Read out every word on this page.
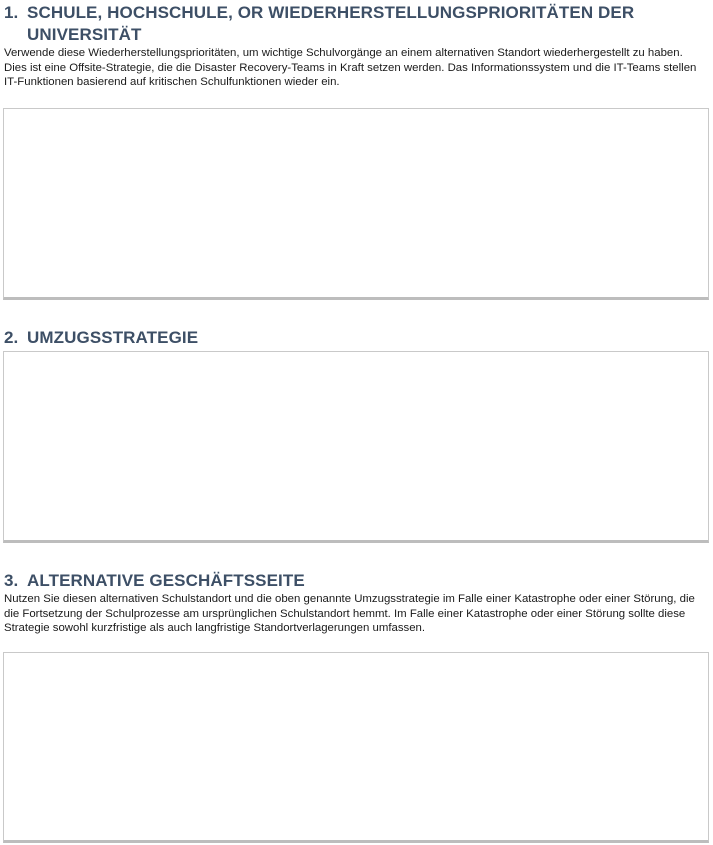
1. SCHULE, HOCHSCHULE, OR WIEDERHERSTELLUNGSPRIORITÄTEN DER UNIVERSITÄT
Verwende diese Wiederherstellungsprioritäten, um wichtige Schulvorgänge an einem alternativen Standort wiederhergestellt zu haben. Dies ist eine Offsite-Strategie, die die Disaster Recovery-Teams in Kraft setzen werden. Das Informationssystem und die IT-Teams stellen IT-Funktionen basierend auf kritischen Schulfunktionen wieder ein.
2. UMZUGSSTRATEGIE
3. ALTERNATIVE GESCHÄFTSSEITE
Nutzen Sie diesen alternativen Schulstandort und die oben genannte Umzugsstrategie im Falle einer Katastrophe oder einer Störung, die die Fortsetzung der Schulprozesse am ursprünglichen Schulstandort hemmt. Im Falle einer Katastrophe oder einer Störung sollte diese Strategie sowohl kurzfristige als auch langfristige Standortverlagerungen umfassen.
